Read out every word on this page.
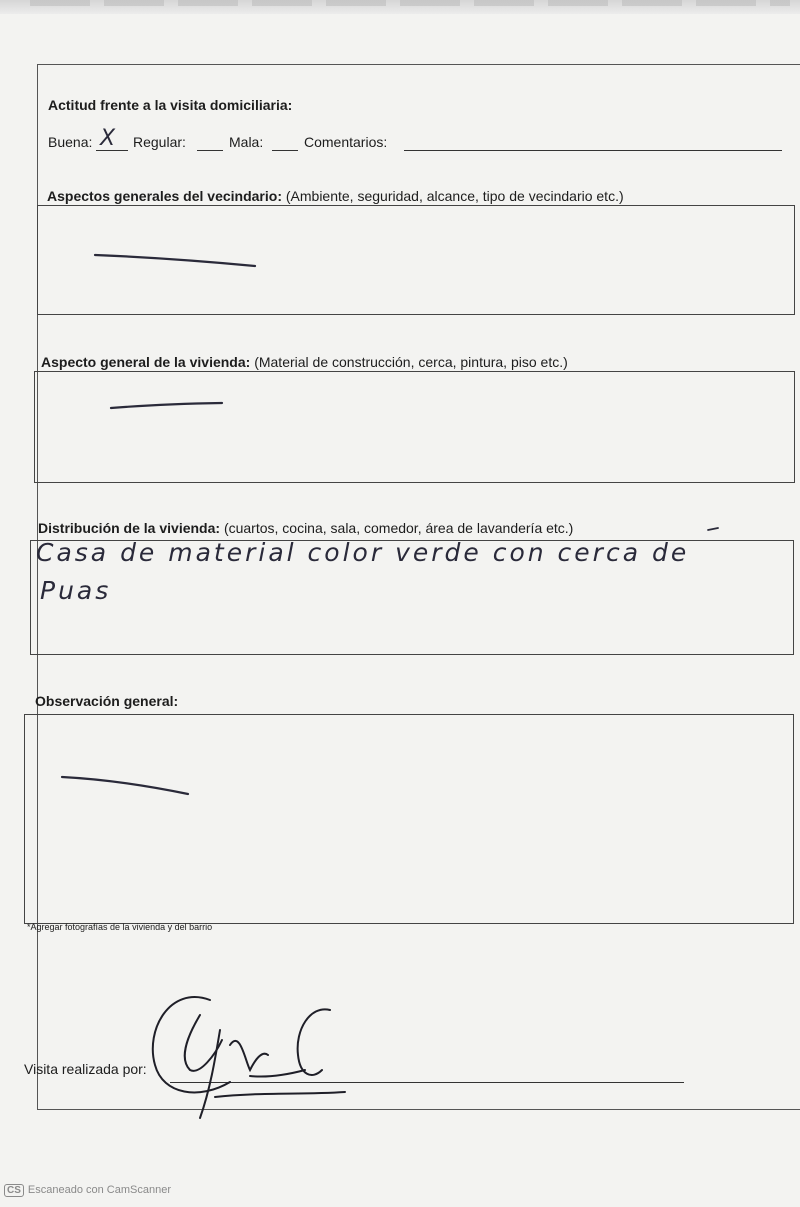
Actitud frente a la visita domiciliaria:
Buena: X Regular:	Mala:	Comentarios:
Aspectos generales del vecindario: (Ambiente, seguridad, alcance, tipo de vecindario etc.)
Aspecto general de la vivienda: (Material de construcción, cerca, pintura, piso etc.)
Distribución de la vivienda: (cuartos, cocina, sala, comedor, área de lavandería etc.)
Casa de material color verde con cerca de
Puas
Observación general:
*Agregar fotografías de la vivienda y del barrio
Visita realizada por:
CS Escaneado con CamScanner
